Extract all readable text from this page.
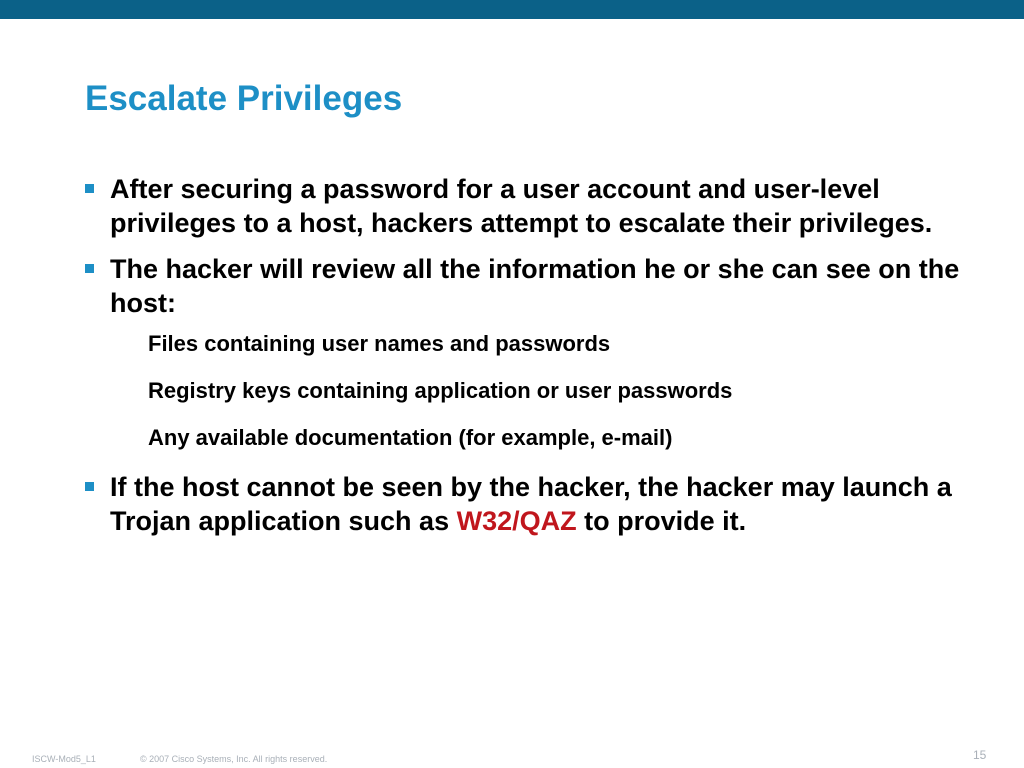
Escalate Privileges
After securing a password for a user account and user-level privileges to a host, hackers attempt to escalate their privileges.
The hacker will review all the information he or she can see on the host:
Files containing user names and passwords
Registry keys containing application or user passwords
Any available documentation (for example, e-mail)
If the host cannot be seen by the hacker, the hacker may launch a Trojan application such as W32/QAZ to provide it.
ISCW-Mod5_L1	© 2007 Cisco Systems, Inc. All rights reserved.	15
